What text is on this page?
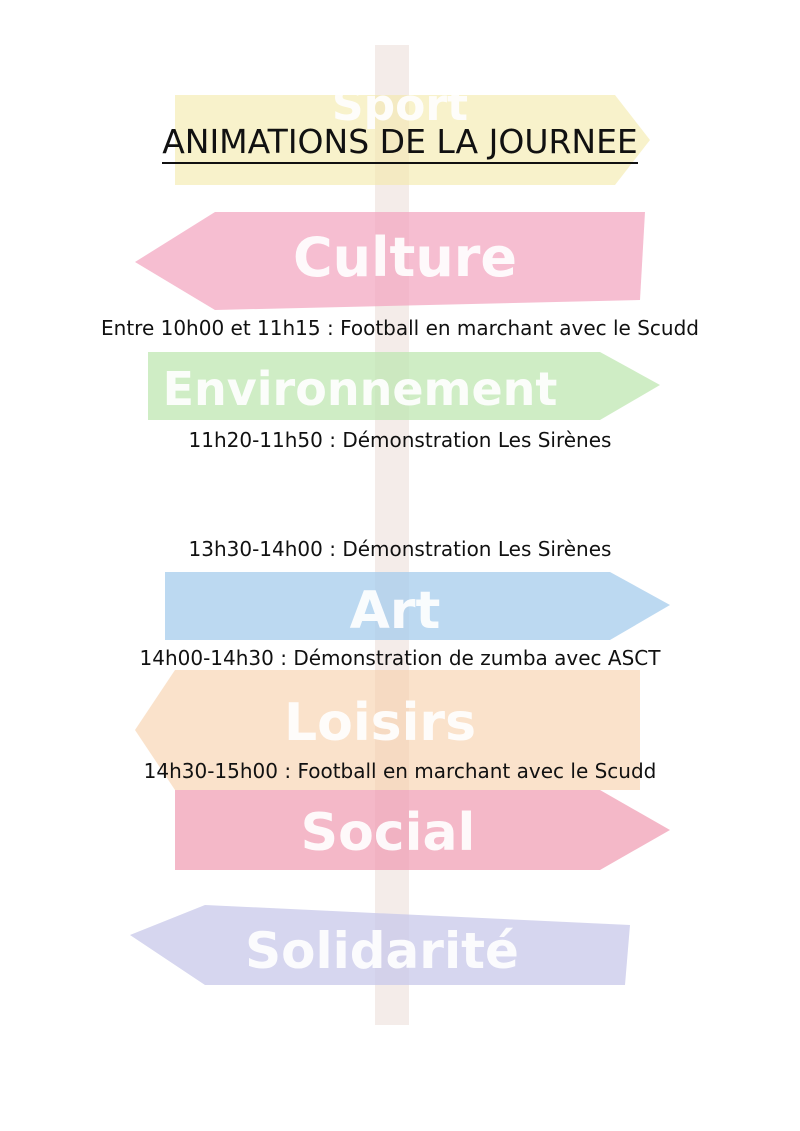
Sport
Culture
Environnement
Art
Loisirs
Social
Solidarité
ANIMATIONS DE LA JOURNEE
Entre 10h00 et 11h15 : Football en marchant avec le Scudd
11h20-11h50 : Démonstration Les Sirènes
13h30-14h00 : Démonstration Les Sirènes
14h00-14h30 : Démonstration de zumba avec ASCT
14h30-15h00 : Football en marchant avec le Scudd
